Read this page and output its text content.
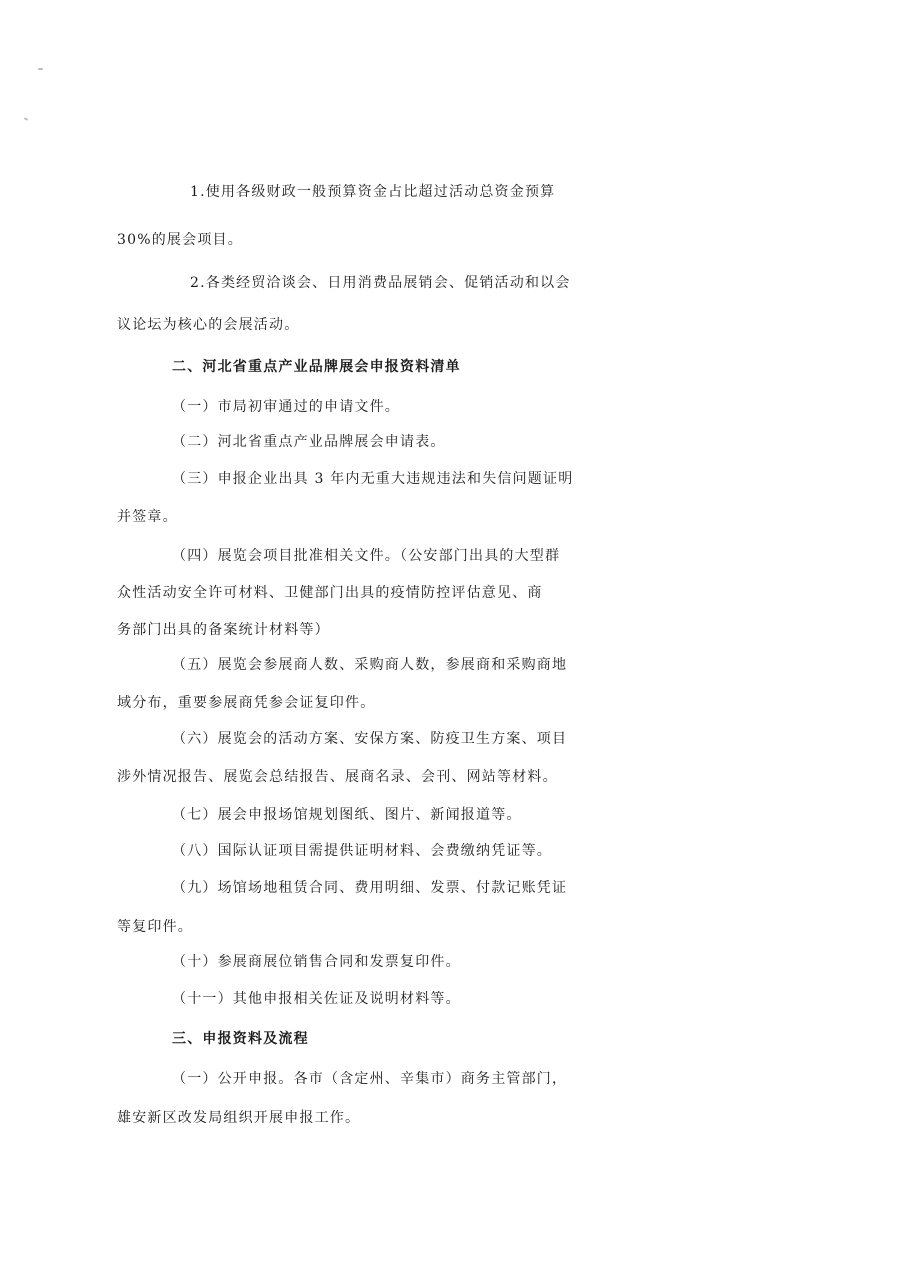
1.使用各级财政一般预算资金占比超过活动总资金预算
30%的展会项目。
2.各类经贸洽谈会、日用消费品展销会、促销活动和以会
议论坛为核心的会展活动。
二、河北省重点产业品牌展会申报资料清单
（一）市局初审通过的申请文件。
（二）河北省重点产业品牌展会申请表。
（三）申报企业出具 3 年内无重大违规违法和失信问题证明
并签章。
（四）展览会项目批准相关文件。（公安部门出具的大型群
众性活动安全许可材料、卫健部门出具的疫情防控评估意见、商
务部门出具的备案统计材料等）
（五）展览会参展商人数、采购商人数，参展商和采购商地
域分布，重要参展商凭参会证复印件。
（六）展览会的活动方案、安保方案、防疫卫生方案、项目
涉外情况报告、展览会总结报告、展商名录、会刊、网站等材料。
（七）展会申报场馆规划图纸、图片、新闻报道等。
（八）国际认证项目需提供证明材料、会费缴纳凭证等。
（九）场馆场地租赁合同、费用明细、发票、付款记账凭证
等复印件。
（十）参展商展位销售合同和发票复印件。
（十一）其他申报相关佐证及说明材料等。
三、申报资料及流程
（一）公开申报。各市（含定州、辛集市）商务主管部门，
雄安新区改发局组织开展申报工作。
